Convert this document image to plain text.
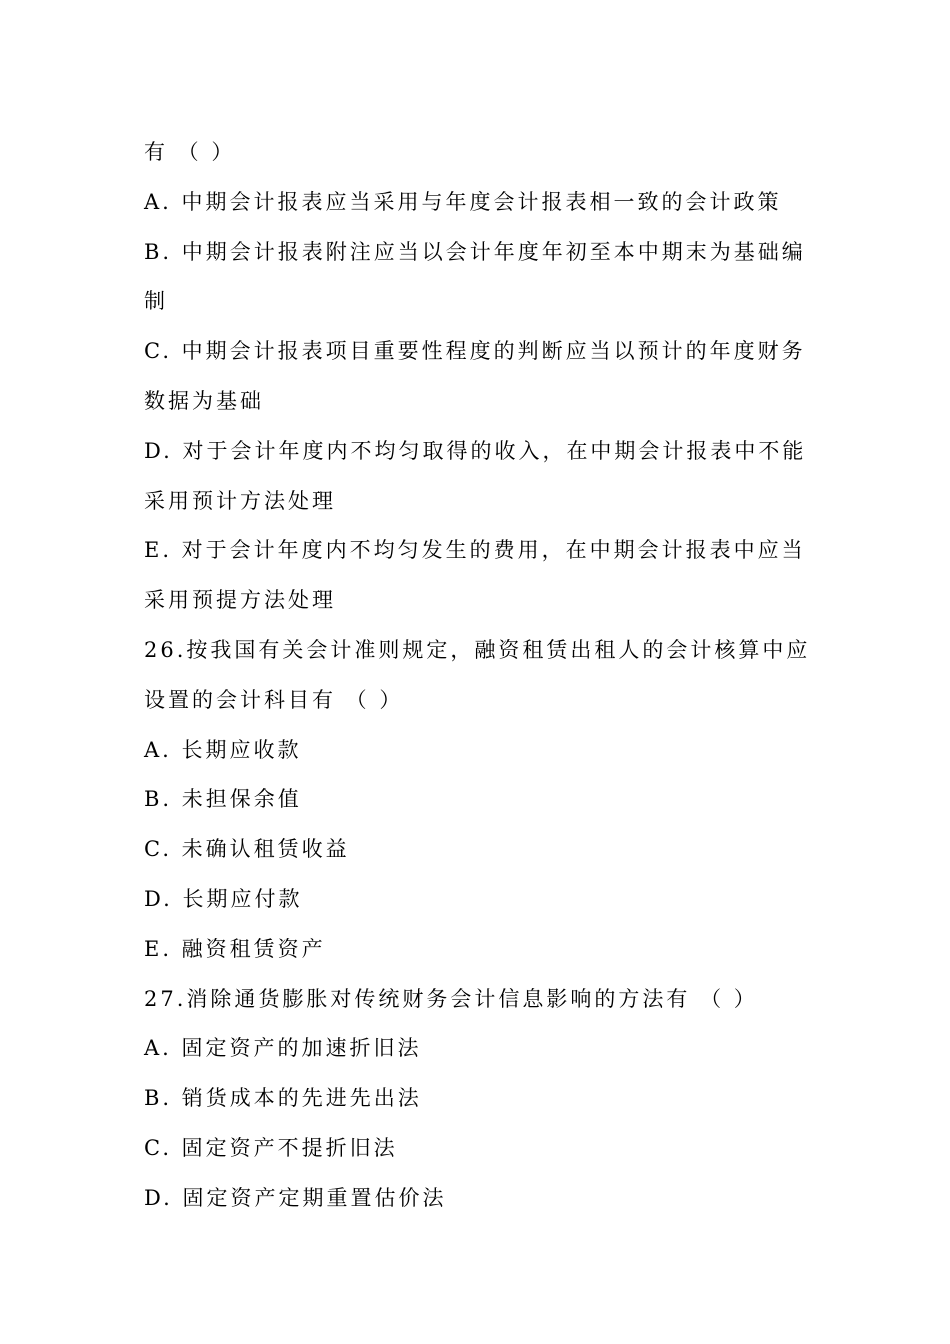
有 （ ）
A. 中期会计报表应当采用与年度会计报表相一致的会计政策
B. 中期会计报表附注应当以会计年度年初至本中期末为基础编
制
C. 中期会计报表项目重要性程度的判断应当以预计的年度财务
数据为基础
D. 对于会计年度内不均匀取得的收入，在中期会计报表中不能
采用预计方法处理
E. 对于会计年度内不均匀发生的费用，在中期会计报表中应当
采用预提方法处理
26.按我国有关会计准则规定，融资租赁出租人的会计核算中应
设置的会计科目有 （ ）
A. 长期应收款
B. 未担保余值
C. 未确认租赁收益
D. 长期应付款
E. 融资租赁资产
27.消除通货膨胀对传统财务会计信息影响的方法有 （ ）
A. 固定资产的加速折旧法
B. 销货成本的先进先出法
C. 固定资产不提折旧法
D. 固定资产定期重置估价法
